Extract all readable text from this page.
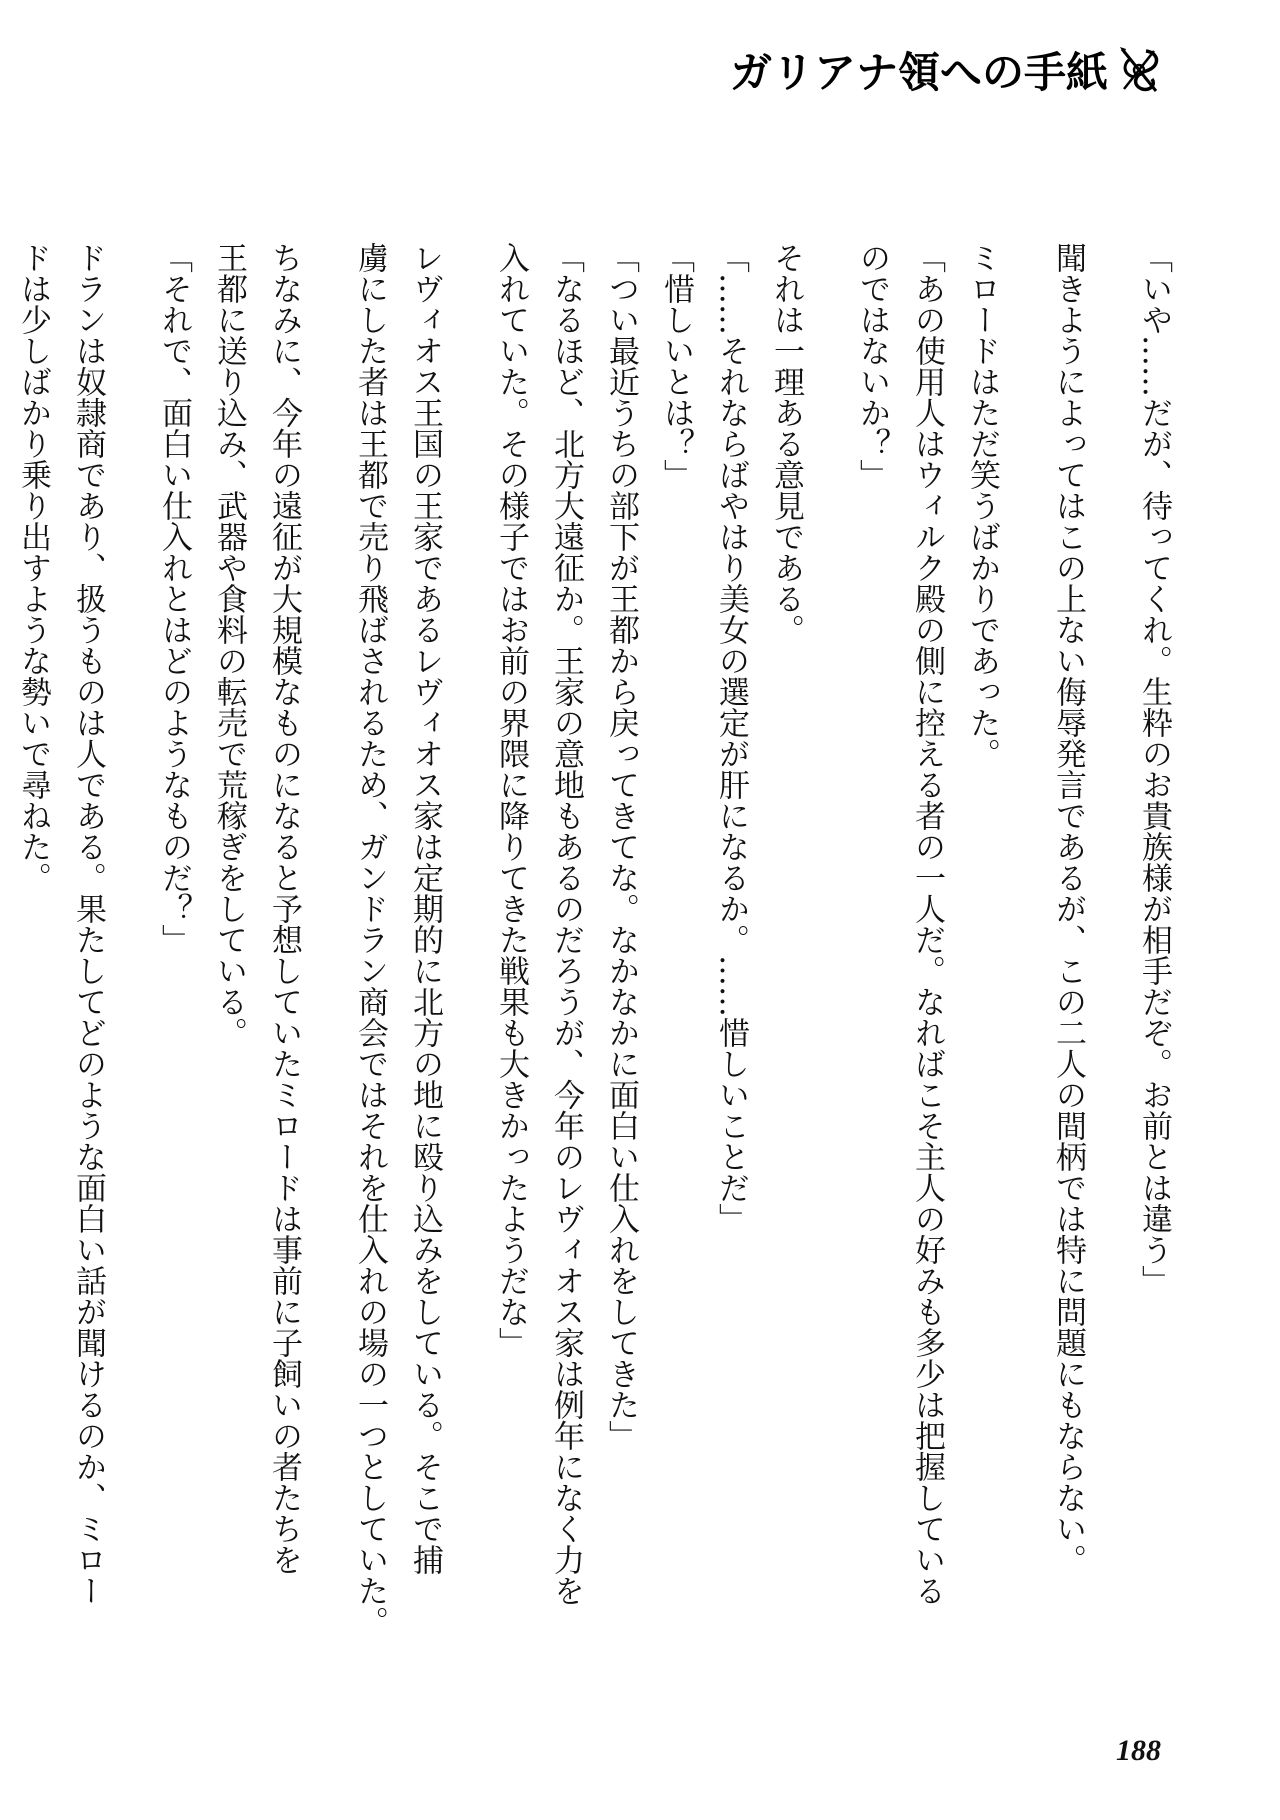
ガリアナ領への手紙
「いや……だが、待ってくれ。生粋のお貴族様が相手だぞ。お前とは違う」
聞きようによってはこの上ない侮辱発言であるが、この二人の間柄では特に問題にもならない。
ミロードはただ笑うばかりであった。
「あの使用人はウィルク殿の側に控える者の一人だ。なればこそ主人の好みも多少は把握している
のではないか？」
それは一理ある意見である。
「……それならばやはり美女の選定が肝になるか。……惜しいことだ」
「惜しいとは？」
「つい最近うちの部下が王都から戻ってきてな。なかなかに面白い仕入れをしてきた」
「なるほど、北方大遠征か。王家の意地もあるのだろうが、今年のレヴィオス家は例年になく力を
入れていた。その様子ではお前の界隈に降りてきた戦果も大きかったようだな」
レヴィオス王国の王家であるレヴィオス家は定期的に北方の地に殴り込みをしている。そこで捕
虜にした者は王都で売り飛ばされるため、ガンドラン商会ではそれを仕入れの場の一つとしていた。
ちなみに、今年の遠征が大規模なものになると予想していたミロードは事前に子飼いの者たちを
王都に送り込み、武器や食料の転売で荒稼ぎをしている。
「それで、面白い仕入れとはどのようなものだ？」
ドランは奴隷商であり、扱うものは人である。果たしてどのような面白い話が聞けるのか、ミロー
ドは少しばかり乗り出すような勢いで尋ねた。
188
